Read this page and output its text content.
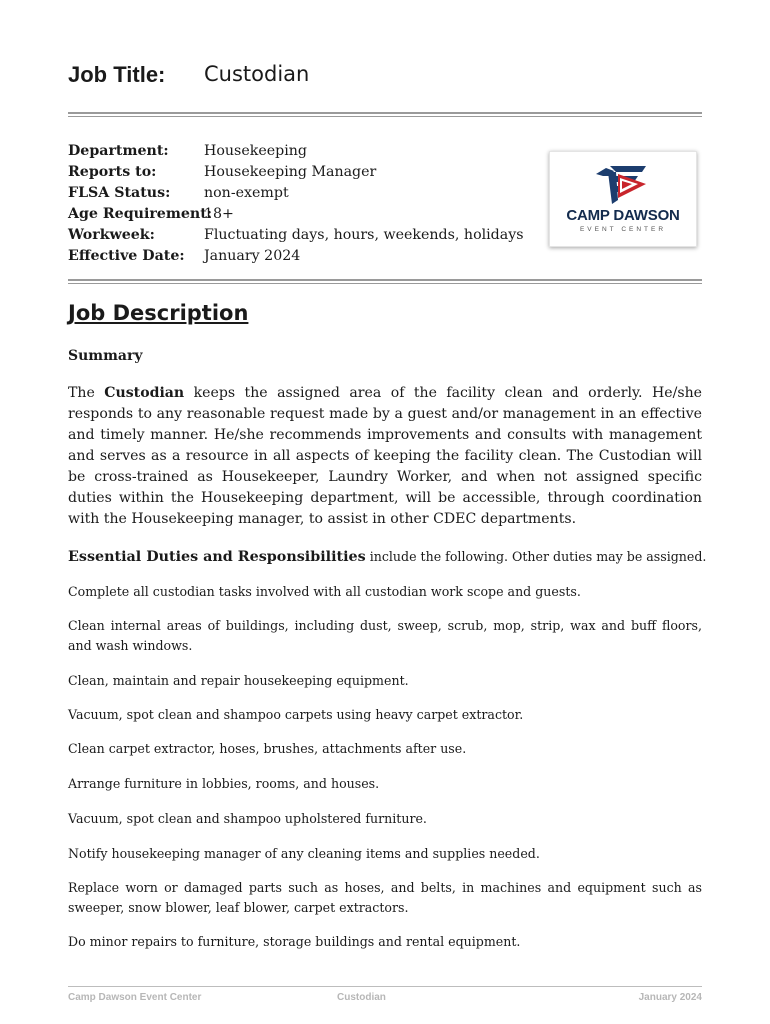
Job Title: Custodian
Department: Housekeeping
Reports to:	Housekeeping Manager
FLSA Status: non-exempt
Age Requirement:
18+
Workweek:	Fluctuating days, hours, weekends, holidays
Effective Date: January 2024
CAMP DAWSON
EVENT CENTER
Job Description
Summary
The Custodian keeps the assigned area of the facility clean and orderly. He/she responds to any reasonable request made by a guest and/or management in an effective and timely manner. He/she recommends improvements and consults with management and serves as a resource in all aspects of keeping the facility clean. The Custodian will be cross-trained as Housekeeper, Laundry Worker, and when not assigned specific duties within the Housekeeping department, will be accessible, through coordination with the Housekeeping manager, to assist in other CDEC departments.
Essential Duties and Responsibilities include the following. Other duties may be assigned.
Complete all custodian tasks involved with all custodian work scope and guests.
Clean internal areas of buildings, including dust, sweep, scrub, mop, strip, wax and buff floors, and wash windows.
Clean, maintain and repair housekeeping equipment.
Vacuum, spot clean and shampoo carpets using heavy carpet extractor.
Clean carpet extractor, hoses, brushes, attachments after use.
Arrange furniture in lobbies, rooms, and houses.
Vacuum, spot clean and shampoo upholstered furniture.
Notify housekeeping manager of any cleaning items and supplies needed.
Replace worn or damaged parts such as hoses, and belts, in machines and equipment such as sweeper, snow blower, leaf blower, carpet extractors.
Do minor repairs to furniture, storage buildings and rental equipment.
Camp Dawson Event Center	Custodian	January 2024
